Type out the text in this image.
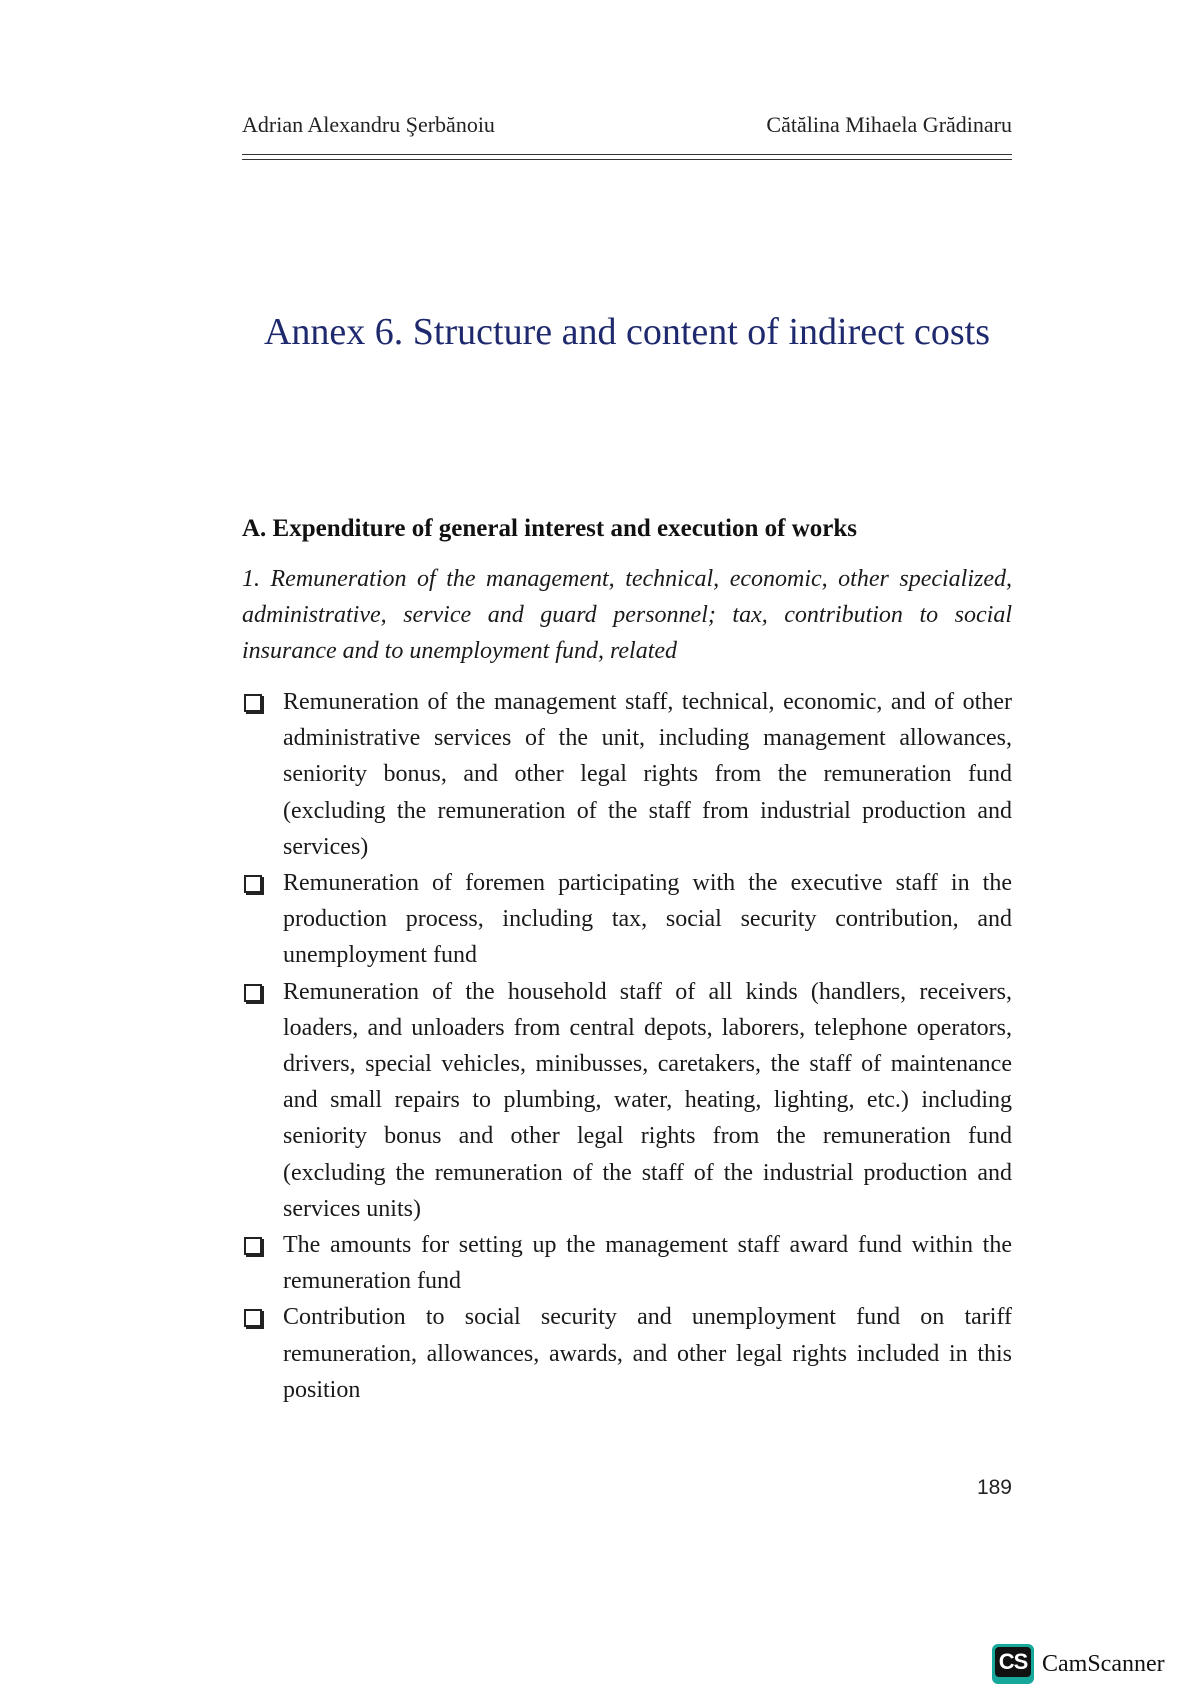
Adrian Alexandru Şerbănoiu	Cătălina Mihaela Grădinaru
Annex 6. Structure and content of indirect costs
A. Expenditure of general interest and execution of works

1. Remuneration of the management, technical, economic, other specialized, administrative, service and guard personnel; tax, contribution to social insurance and to unemployment fund, related

Remuneration of the management staff, technical, economic, and of other administrative services of the unit, including management allowances, seniority bonus, and other legal rights from the remuneration fund (excluding the remuneration of the staff from industrial production and services)
Remuneration of foremen participating with the executive staff in the production process, including tax, social security contribution, and unemployment fund
Remuneration of the household staff of all kinds (handlers, receivers, loaders, and unloaders from central depots, laborers, telephone operators, drivers, special vehicles, minibusses, caretakers, the staff of maintenance and small repairs to plumbing, water, heating, lighting, etc.) including seniority bonus and other legal rights from the remuneration fund (excluding the remuneration of the staff of the industrial production and services units)
The amounts for setting up the management staff award fund within the remuneration fund
Contribution to social security and unemployment fund on tariff remuneration, allowances, awards, and other legal rights included in this position
189
CS CamScanner
